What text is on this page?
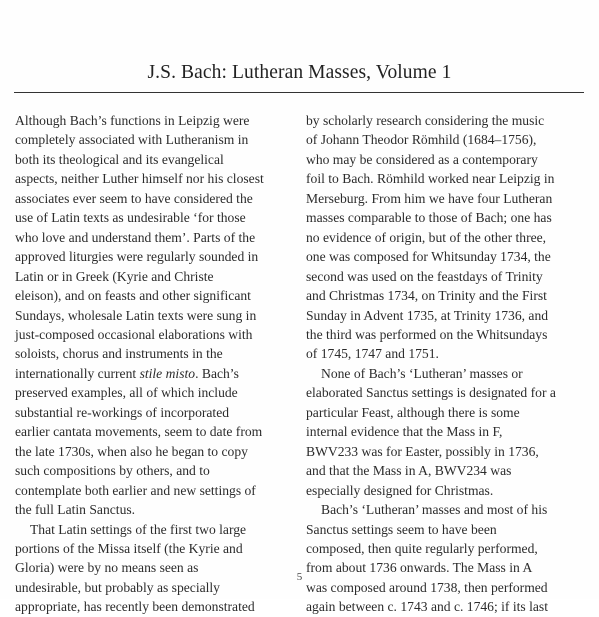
J.S. Bach: Lutheran Masses, Volume 1
Although Bach’s functions in Leipzig were
completely associated with Lutheranism in
both its theological and its evangelical
aspects, neither Luther himself nor his closest
associates ever seem to have considered the
use of Latin texts as undesirable ‘for those
who love and understand them’. Parts of the
approved liturgies were regularly sounded in
Latin or in Greek (Kyrie and Christe
eleison), and on feasts and other significant
Sundays, wholesale Latin texts were sung in
just-composed occasional elaborations with
soloists, chorus and instruments in the
internationally current stile misto. Bach’s
preserved examples, all of which include
substantial re-workings of incorporated
earlier cantata movements, seem to date from
the late 1730s, when also he began to copy
such compositions by others, and to
contemplate both earlier and new settings of
the full Latin Sanctus.
That Latin settings of the first two large
portions of the Missa itself (the Kyrie and
Gloria) were by no means seen as
undesirable, but probably as specially
appropriate, has recently been demonstrated
by scholarly research considering the music
of Johann Theodor Römhild (1684–1756),
who may be considered as a contemporary
foil to Bach. Römhild worked near Leipzig in
Merseburg. From him we have four Lutheran
masses comparable to those of Bach; one has
no evidence of origin, but of the other three,
one was composed for Whitsunday 1734, the
second was used on the feastdays of Trinity
and Christmas 1734, on Trinity and the First
Sunday in Advent 1735, at Trinity 1736, and
the third was performed on the Whitsundays
of 1745, 1747 and 1751.
None of Bach’s ‘Lutheran’ masses or
elaborated Sanctus settings is designated for a
particular Feast, although there is some
internal evidence that the Mass in F,
BWV233 was for Easter, possibly in 1736,
and that the Mass in A, BWV234 was
especially designed for Christmas.
Bach’s ‘Lutheran’ masses and most of his
Sanctus settings seem to have been
composed, then quite regularly performed,
from about 1736 onwards. The Mass in A
was composed around 1738, then performed
again between c. 1743 and c. 1746; if its last
5
